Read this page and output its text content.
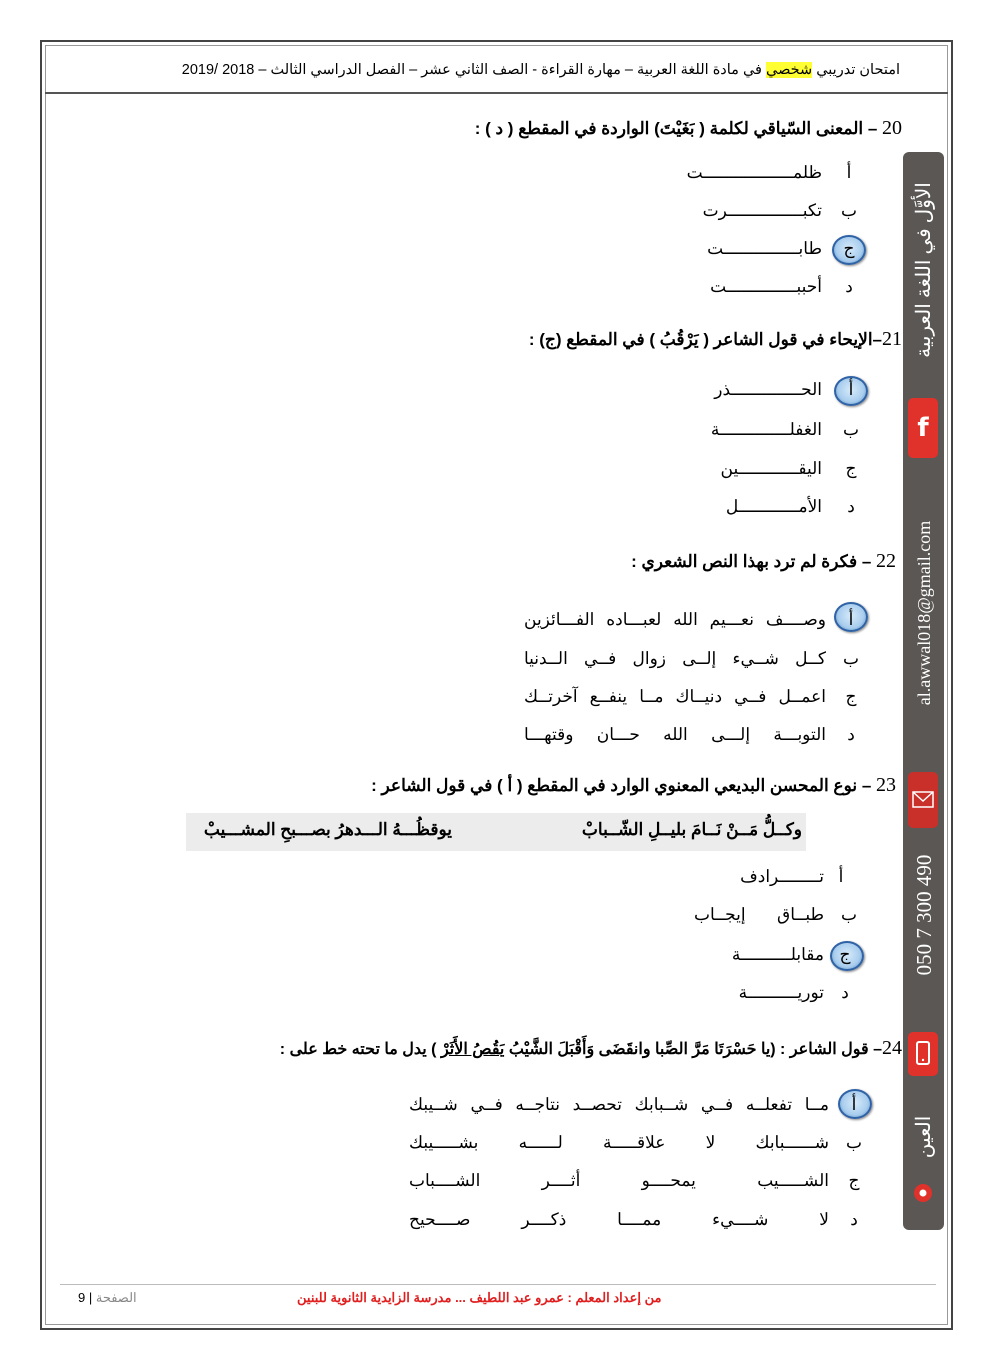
امتحان تدريبي شخصي في مادة اللغة العربية – مهارة القراءة - الصف الثاني عشر – الفصل الدراسي الثالث – 2018 /2019
20 – المعنى السّياقي لكلمة ( بَغَيْتَ) الواردة في المقطع ( د ) :
أ
ظلمــــــــــــــــــت
ب
تكبـــــــــــــــرت
ج
طابـــــــــــــــت
د
أحببــــــــــــــت
21–الإيحاء في قول الشاعر ( يَرْقُبُ ) في المقطع (ج) :
أ
الحــــــــــــــذر
ب
الغفلــــــــــــــة
ج
اليقــــــــــــين
د
الأمــــــــــــل
22 – فكرة لم ترد بهذا النص الشعري :
أ
وصــــف نعـــيم الله لعبـــاده الفـــائزين
ب
كــل شــيء إلــى زوال فــي الــدنيا
ج
اعمــل فــي دنيــاك مــا ينفــع آخرتــك
د
التوبـــة إلـــى الله حـــان وقتهـــا
23 – نوع المحسن البديعي المعنوي الوارد في المقطع ( أ ) في قول الشاعر :
وكــلُّ مَــنْ نَــامَ بليــلِ الشّــبابْ
يوقظُـــهُ الـــدهرُ بصـــبحِ المشـــيبْ
أ
تــــــــرادف
ب
طبــاق إيجــاب
ج
مقابلــــــــــة
د
توريــــــــــة
24– قول الشاعر : (يا حَسْرَتَا مَرَّ الصِّبا وانقَضَى وَأَقْبَلَ الشَّيْبُ يَقُصُ الأَثَرْ ) يدل ما تحته خط على :
أ
مــا تفعلــه فــي شــبابك تحصــد نتاجــه فــي شــيبك
ب
شــــــبابك لا علاقـــــة لــــــه بشـــــيبك
ج
الشـــــيب يمحــــو أثــــر الشــــباب
د
لا شــــيء ممــــا ذكــــر صــــحيح
الأوَّل في اللغة العربية
f
al.awwal018@gmail.com
050 7 300 490
العين
من إعداد المعلم : عمرو عبد اللطيف ... مدرسة الزايدية الثانوية للبنين
الصفحة | 9
